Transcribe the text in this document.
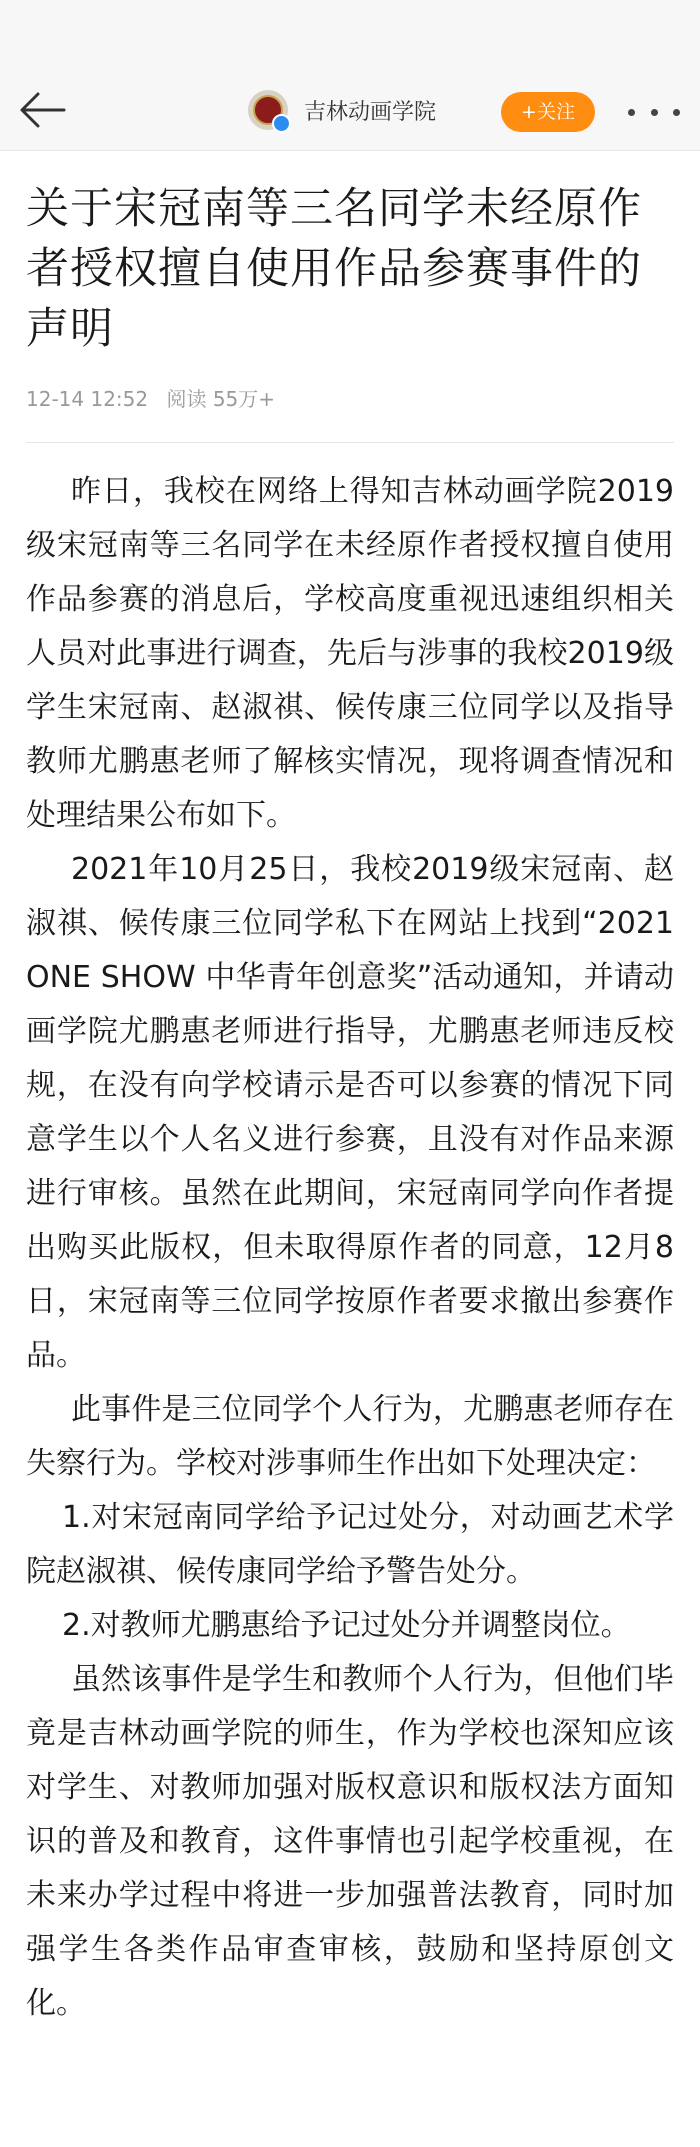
吉林动画学院	+关注
关于宋冠南等三名同学未经原作者授权擅自使用作品参赛事件的声明
12-14 12:52 阅读 55万+

昨日，我校在网络上得知吉林动画学院2019级宋冠南等三名同学在未经原作者授权擅自使用作品参赛的消息后，学校高度重视迅速组织相关人员对此事进行调查，先后与涉事的我校2019级学生宋冠南、赵淑祺、候传康三位同学以及指导教师尤鹏惠老师了解核实情况，现将调查情况和处理结果公布如下。

2021年10月25日，我校2019级宋冠南、赵淑祺、候传康三位同学私下在网站上找到“2021 ONE SHOW 中华青年创意奖”活动通知，并请动画学院尤鹏惠老师进行指导，尤鹏惠老师违反校规，在没有向学校请示是否可以参赛的情况下同意学生以个人名义进行参赛，且没有对作品来源进行审核。虽然在此期间，宋冠南同学向作者提出购买此版权，但未取得原作者的同意，12月8日，宋冠南等三位同学按原作者要求撤出参赛作品。

此事件是三位同学个人行为，尤鹏惠老师存在失察行为。学校对涉事师生作出如下处理决定：

1.对宋冠南同学给予记过处分，对动画艺术学院赵淑祺、候传康同学给予警告处分。

2.对教师尤鹏惠给予记过处分并调整岗位。

虽然该事件是学生和教师个人行为，但他们毕竟是吉林动画学院的师生，作为学校也深知应该对学生、对教师加强对版权意识和版权法方面知识的普及和教育，这件事情也引起学校重视，在未来办学过程中将进一步加强普法教育，同时加强学生各类作品审查审核，鼓励和坚持原创文化。
